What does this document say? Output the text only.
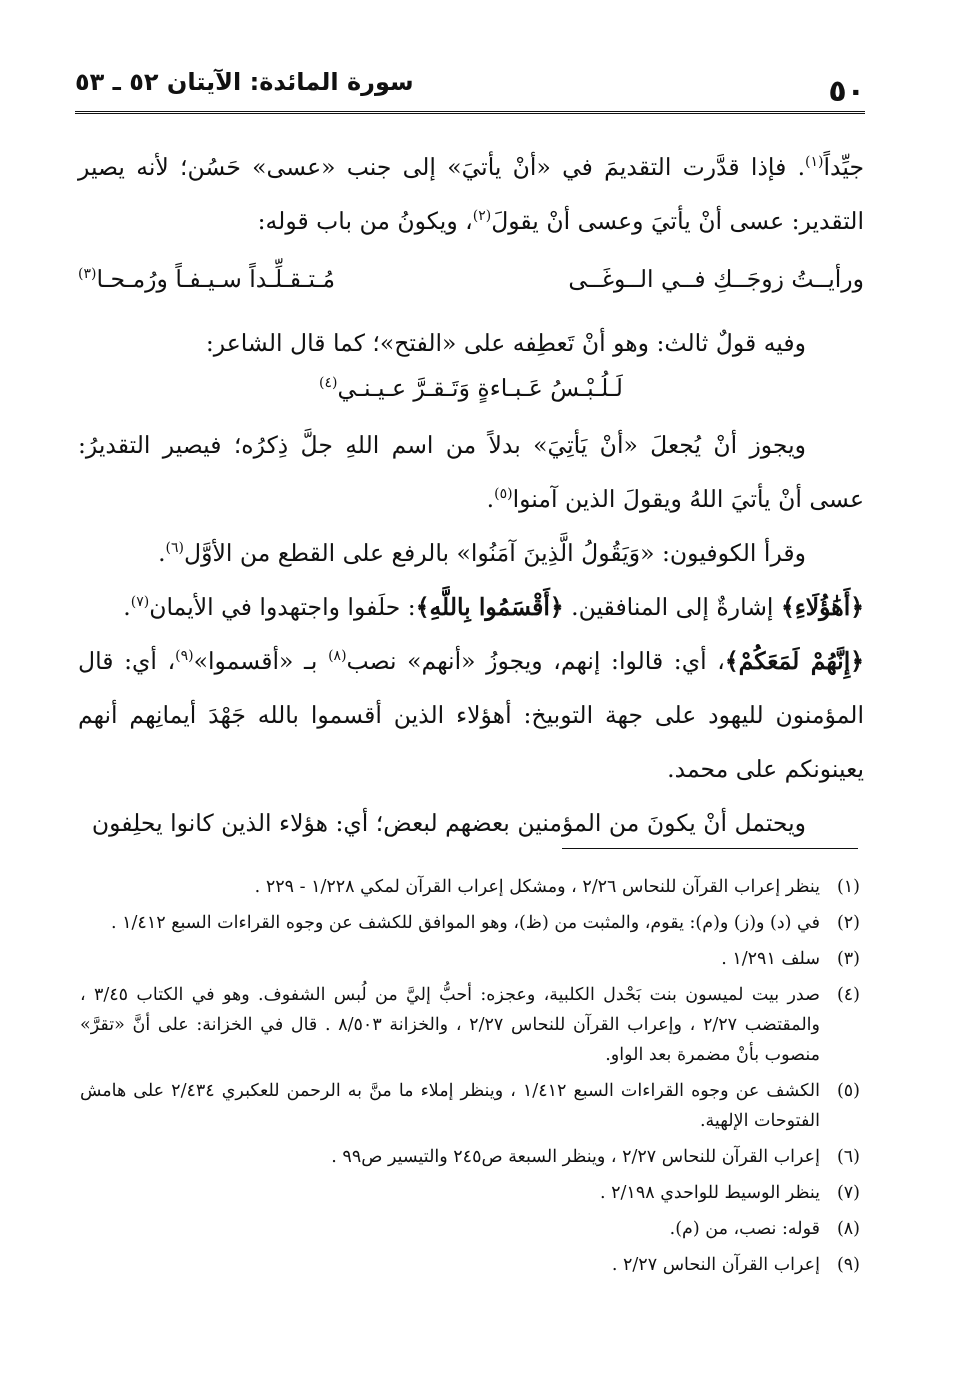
٥٠
سورة المائدة: الآيتان ٥٢ ـ ٥٣

جيِّداً$^{(١)}$. فإذا قدَّرت التقديمَ في «أنْ يأتيَ» إلى جنب «عسى» حَسُن؛ لأنه يصير التقدير: عسى أنْ يأتيَ وعسى أنْ يقولَ$^{(٢)}$، ويكونُ من باب قوله:

ورأيــتُ زوجَــكِ فــي الــوغَــى
مُـتـقـلِّـداً سـيـفـاً ورُمـحـا$^{(٣)}$

وفيه قولٌ ثالث: وهو أنْ تَعطِفه على «الفتح»؛ كما قال الشاعر:

لَـلُـبْـسُ عَـبـاءةٍ وَتَـقـرَّ عـيـنـي$^{(٤)}$

ويجوز أنْ يُجعلَ «أنْ يَأتِيَ» بدلاً من اسم اللهِ جلَّ ذِكرُه؛ فيصير التقديرُ: عسى أنْ يأتيَ اللهُ ويقولَ الذين آمنوا$^{(٥)}$.

وقرأ الكوفيون: «وَيَقُولُ الَّذِينَ آمَنُوا» بالرفع على القطع من الأوَّل$^{(٦)}$.

﴿أَهَٰؤُلَاءِ﴾ إشارةٌ إلى المنافقين. ﴿أَقْسَمُوا بِاللَّهِ﴾: حلَفوا واجتهدوا في الأيمان$^{(٧)}$.

﴿إِنَّهُمْ لَمَعَكُمْ﴾، أي: قالوا: إنهم، ويجوزُ «أنهم» نصب$^{(٨)}$ بـ «أقسموا»$^{(٩)}$، أي: قال المؤمنون لليهود على جهة التوبيخ: أهؤلاء الذين أقسموا بالله جَهْدَ أيمانِهم أنهم يعينونكم على محمد.

ويحتمل أنْ يكونَ من المؤمنين بعضهم لبعض؛ أي: هؤلاء الذين كانوا يحلِفون

(١)
ينظر إعراب القرآن للنحاس ٢/٢٦ ، ومشكل إعراب القرآن لمكي ١/٢٢٨ - ٢٢٩ .
(٢)
في (د) و(ز) و(م): يقوم، والمثبت من (ظ)، وهو الموافق للكشف عن وجوه القراءات السبع ١/٤١٢ .
(٣)
سلف ١/٢٩١ .
(٤)
صدر بيت لميسون بنت بَحْدل الكلبية، وعجزه: أحبُّ إليَّ من لُبس الشفوف. وهو في الكتاب ٣/٤٥ ، والمقتضب ٢/٢٧ ، وإعراب القرآن للنحاس ٢/٢٧ ، والخزانة ٨/٥٠٣ . قال في الخزانة: على أنَّ «تقرَّ» منصوب بأنْ مضمرة بعد الواو.
(٥)
الكشف عن وجوه القراءات السبع ١/٤١٢ ، وينظر إملاء ما منَّ به الرحمن للعكبري ٢/٤٣٤ على هامش الفتوحات الإلهية.
(٦)
إعراب القرآن للنحاس ٢/٢٧ ، وينظر السبعة ص٢٤٥ والتيسير ص٩٩ .
(٧)
ينظر الوسيط للواحدي ٢/١٩٨ .
(٨)
قوله: نصب، من (م).
(٩)
إعراب القرآن النحاس ٢/٢٧ .
